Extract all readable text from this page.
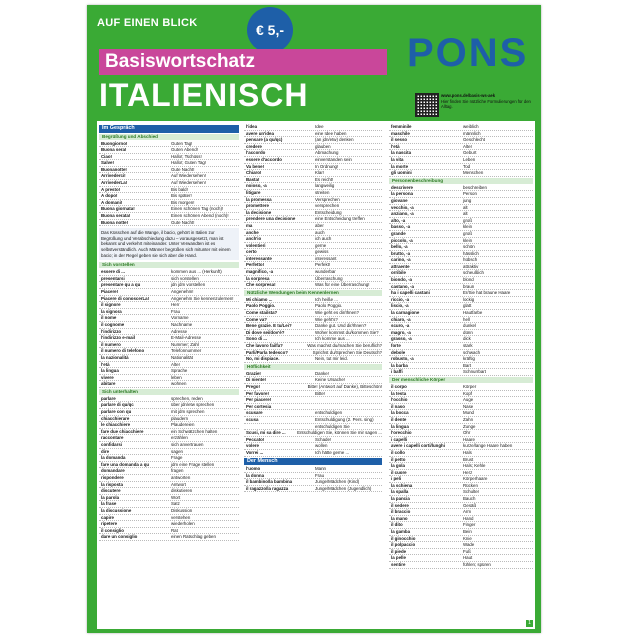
AUF EINEN BLICK	€ 5,-
Basiswortschatz	PONS
ITALIENISCH	www.pons.de/basis-ws-aek
Hier finden Sie nützliche Formulierungen für den Alltag.
Im Gespräch
Begrüßung und Abschied
Buongiorno!	Guten Tag!
Buona sera!	Guten Abend!
Ciao!	Hallo!; Tschüss!
Salve!	Hallo!; Guten Tag!
Buonanotte!	Gute Nacht!
Arrivederci!	Auf Wiedersehen!
ArrivederLa!	Auf Wiedersehen!
A presto!	Bis bald!
A dopo!	Bis später!
A domani!	Bis morgen!
Buona giornata!	Einen schönen Tag (noch)!
Buona serata!	Einen schönen Abend (noch)!
Buona notte!	Gute Nacht!
Das Küsschen auf die Wange, il bacio, gehört in Italien zur Begrüßung und Verabschiedung dazu – vorausgesetzt, man ist bekannt und verkehrt miteinander. Unter Verwandten ist es selbstverständlich. Auch Männer begrüßen sich mitunter mit einem bacio; in der Regel geben sie sich aber die Hand.
Sich vorstellen
essere di ...	kommen aus ... (Herkunft)
presentarsi	sich vorstellen
presentare qu a qu	jdn jdm vorstellen
Piacere!	Angenehm!
Piacere di conoscerLa!	Angenehm Sie kennenzulernen!
il signore	Herr
la signora	Frau
il nome	Vorname
il cognome	Nachname
l'indirizzo	Adresse
l'indirizzo e-mail	E-Mail-Adresse
il numero	Nummer; Zahl
il numero di telefono	Telefonnummer
la nazionalità	Nationalität
l'età	Alter
la lingua	Sprache
vivere	leben
abitare	wohnen
Sich unterhalten
parlare	sprechen, reden
parlare di qu/qc	über jdn/etw sprechen
parlare con qu	mit jdm sprechen
chiacchierare	plaudern
le chiacchiere	Plaudereien
fare due chiacchiere	ein Schwätzchen halten
raccontare	erzählen
confidarsi	sich anvertrauen
dire	sagen
la domanda	Frage
fare una domanda a qu	jdm eine Frage stellen
domandare	fragen
rispondere	antworten
la risposta	Antwort
discutere	diskutieren
la parola	Wort
la frase	Satz
la discussione	Diskussion
capire	verstehen
ripetere	wiederholen
il consiglio	Rat
dare un consiglio	einen Ratschlag geben
l'idea	Idee
avere un'idea	eine Idee haben
pensare (a qu/qc)	(an jdn/etw) denken
credere	glauben
l'accordo	Abmachung
essere d'accordo	einverstanden sein
Va bene!	In Ordnung!
Chiaro!	Klar!
Basta!	Es reicht!
noioso, -a	langweilig
litigare	streiten
la promessa	Versprechen
promettere	versprechen
la decisione	Entscheidung
prendere una decisione	eine Entscheidung treffen
ma	aber
anche	auch
anch'io	ich auch
volentieri	gerne
certo	gewiss
interessante	interessant
Perfetto!	Perfekt!
magnifico, -a	wunderbar
la sorpresa	Überraschung
Che sorpresa!	Was für eine Überraschung!
Nützliche Wendungen beim Kennenlernen
Mi chiamo ...	Ich heiße ...
Paolo Poggio.	Paolo Poggio.
Come stai/sta?	Wie geht es dir/Ihnen?
Come va?	Wie geht's?
Bene grazie. E tu/Lei?	Danke gut. Und dir/Ihnen?
Di dove sei/dov'è?	Woher kommst du/kommen Sie?
Sono di ...	Ich komme aus ...
Che lavoro fai/fa?	Was machst du/machen Sie beruflich?
Parli/Parla tedesco?	Sprichst du/Sprechen Sie Deutsch?
No, mi dispiace.	Nein, tut mir leid.
Höflichkeit
Grazie!	Danke!
Di niente!	Keine Ursache!
Prego!	Bitte! (Antwort auf Danke), Bitteschön!
Per favore!	Bitte!
Per piacere!
Per cortesia
scusare	entschuldigen
scusa	Entschuldigung (2. Pers. sing)
entschuldigen Sie
Scusi, mi sa dire ...	Entschuldigen Sie, können Sie mir sagen ...
Peccato!	Schade!
volere	wollen
Vorrei ...	Ich hätte gerne ...
Der Mensch
l'uomo	Mann
la donna	Frau
il bambino/la bambina	Junge/Mädchen (Kind)
il ragazzo/la ragazza	Junge/Mädchen (Jugendlich)
femminile	weiblich
maschile	männlich
il sesso	Geschlecht
l'età	Alter
la nascita	Geburt
la vita	Leben
la morte	Tod
gli uomini	Menschen
Personenbeschreibung
descrivere	beschreiben
la persona	Person
giovane	jung
vecchio, -a	alt
anziano, -a	alt
alto, -a	groß
basso, -a	klein
grande	groß
piccolo, -a	klein
bello, -a	schön
brutto, -a	hässlich
carino, -a	hübsch
attraente	attraktiv
orribile	scheußlich
biondo, -a	blond
castano, -a	braun
ha i capelli castani	Er/Sie hat braune Haare
riccio, -a	lockig
liscio, -a	glatt
la carnagione	Hautfarbe
chiaro, -a	hell
scuro, -a	dunkel
magro, -a	dünn
grasso, -a	dick
forte	stark
debole	schwach
robusto, -a	kräftig
la barba	Bart
i baffi	Schnurrbart
Der menschliche Körper
il corpo	Körper
la testa	Kopf
l'occhio	Auge
il naso	Nase
la bocca	Mund
il dente	Zahn
la lingua	Zunge
l'orecchio	Ohr
i capelli	Haare
avere i capelli corti/lunghi	kurze/lange Haare haben
il collo	Hals
il petto	Brust
la gola	Hals; Kehle
il cuore	Herz
i peli	Körperhaare
la schiena	Rücken
la spalla	Schulter
la pancia	Bauch
il sedere	Gesäß
il braccio	Arm
la mano	Hand
il dito	Finger
la gamba	Bein
il ginocchio	Knie
il polpaccio	Wade
il piede	Fuß
la pelle	Haut
sentire	fühlen; spüren
1
